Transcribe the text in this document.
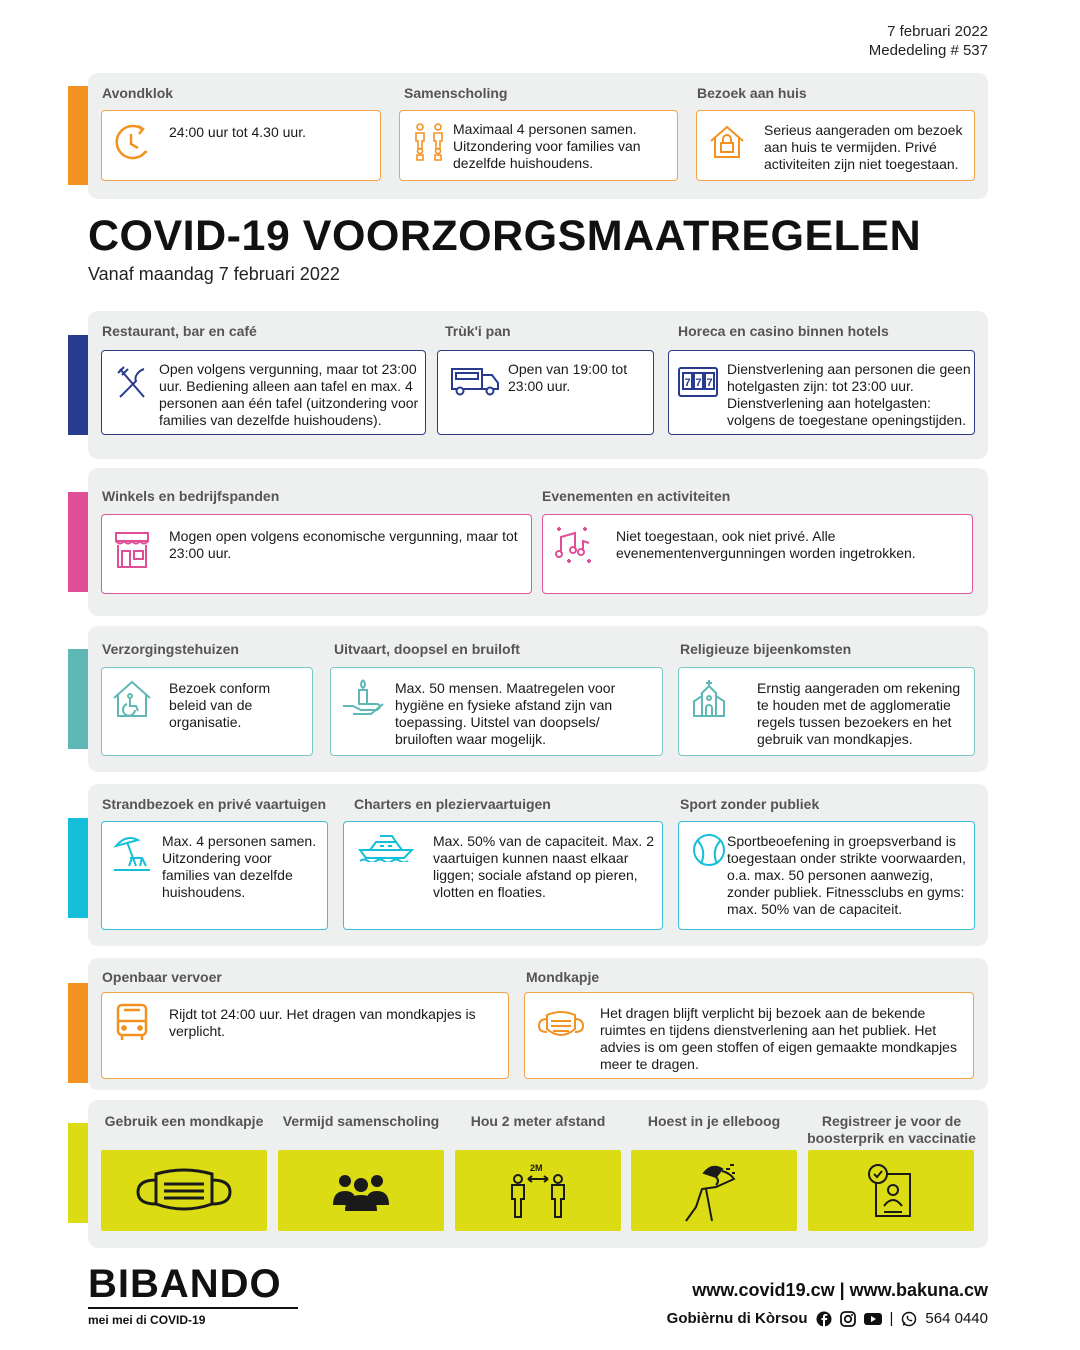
7 februari 2022
Mededeling # 537
Avondklok
24:00 uur tot 4.30 uur.
Samenscholing
Maximaal 4 personen samen. Uitzondering voor families van dezelfde huishoudens.
Bezoek aan huis
Serieus aangeraden om bezoek aan huis te vermijden. Privé activiteiten zijn niet toegestaan.
COVID-19 VOORZORGSMAATREGELEN
Vanaf maandag 7 februari 2022
Restaurant, bar en café
Open volgens vergunning, maar tot 23:00 uur. Bediening alleen aan tafel en max. 4 personen aan één tafel (uitzondering voor families van dezelfde huishoudens).
Trùk'i pan
Open van 19:00 tot 23:00 uur.
Horeca en casino binnen hotels
7 7 7
Dienstverlening aan personen die geen hotelgasten zijn: tot 23:00 uur. Dienstverlening aan hotelgasten: volgens de toegestane openingstijden.
Winkels en bedrijfspanden
Mogen open volgens economische vergunning, maar tot 23:00 uur.
Evenementen en activiteiten
Niet toegestaan, ook niet privé. Alle evenementenvergunningen worden ingetrokken.
Verzorgingstehuizen
Bezoek conform beleid van de organisatie.
Uitvaart, doopsel en bruiloft
Max. 50 mensen. Maatregelen voor hygiëne en fysieke afstand zijn van toepassing. Uitstel van doopsels/ bruiloften waar mogelijk.
Religieuze bijeenkomsten
Ernstig aangeraden om rekening te houden met de agglomeratie regels tussen bezoekers en het gebruik van mondkapjes.
Strandbezoek en privé vaartuigen
Max. 4 personen samen. Uitzondering voor families van dezelfde huishoudens.
Charters en pleziervaartuigen
Max. 50% van de capaciteit. Max. 2 vaartuigen kunnen naast elkaar liggen; sociale afstand op pieren, vlotten en floaties.
Sport zonder publiek
Sportbeoefening in groepsverband is toegestaan onder strikte voorwaarden, o.a. max. 50 personen aanwezig, zonder publiek. Fitnessclubs en gyms: max. 50% van de capaciteit.
Openbaar vervoer
Rijdt tot 24:00 uur. Het dragen van mondkapjes is verplicht.
Mondkapje
Het dragen blijft verplicht bij bezoek aan de bekende ruimtes en tijdens dienstverlening aan het publiek. Het advies is om geen stoffen of eigen gemaakte mondkapjes meer te dragen.
Gebruik een mondkapje	Vermijd samenscholing	Hou 2 meter afstand	Hoest in je elleboog	Registreer je voor de boosterprik en vaccinatie
2M
BIBANDO
mei mei di COVID-19
www.covid19.cw | www.bakuna.cw
Gobièrnu di Kòrsou	| 564 0440
